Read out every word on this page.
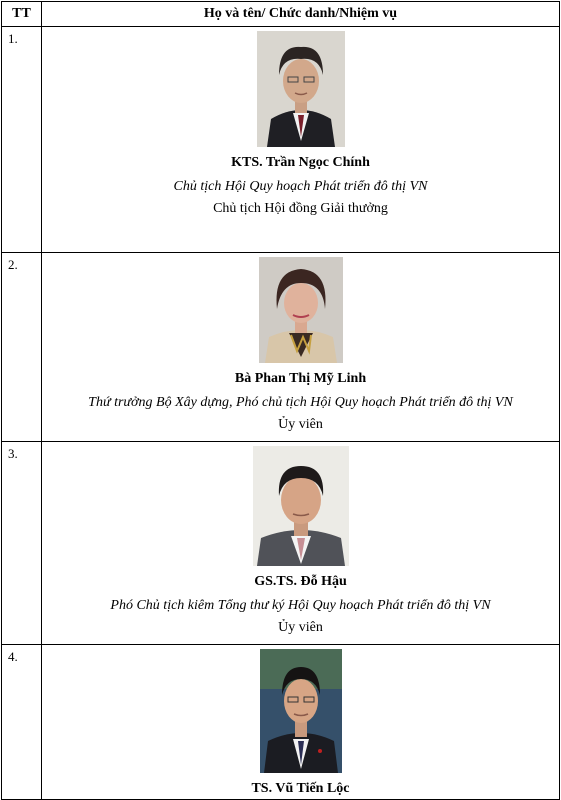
TT	Họ và tên/ Chức danh/Nhiệm vụ
1.	KTS. Trần Ngọc Chính

Chủ tịch Hội Quy hoạch Phát triển đô thị VN

Chủ tịch Hội đồng Giải thưởng

2.	Bà Phan Thị Mỹ Linh

Thứ trưởng Bộ Xây dựng, Phó chủ tịch Hội Quy hoạch Phát triển đô thị VN

Ủy viên

3.	GS.TS. Đỗ Hậu

Phó Chủ tịch kiêm Tổng thư ký Hội Quy hoạch Phát triển đô thị VN

Ủy viên

4.	TS. Vũ Tiến Lộc
